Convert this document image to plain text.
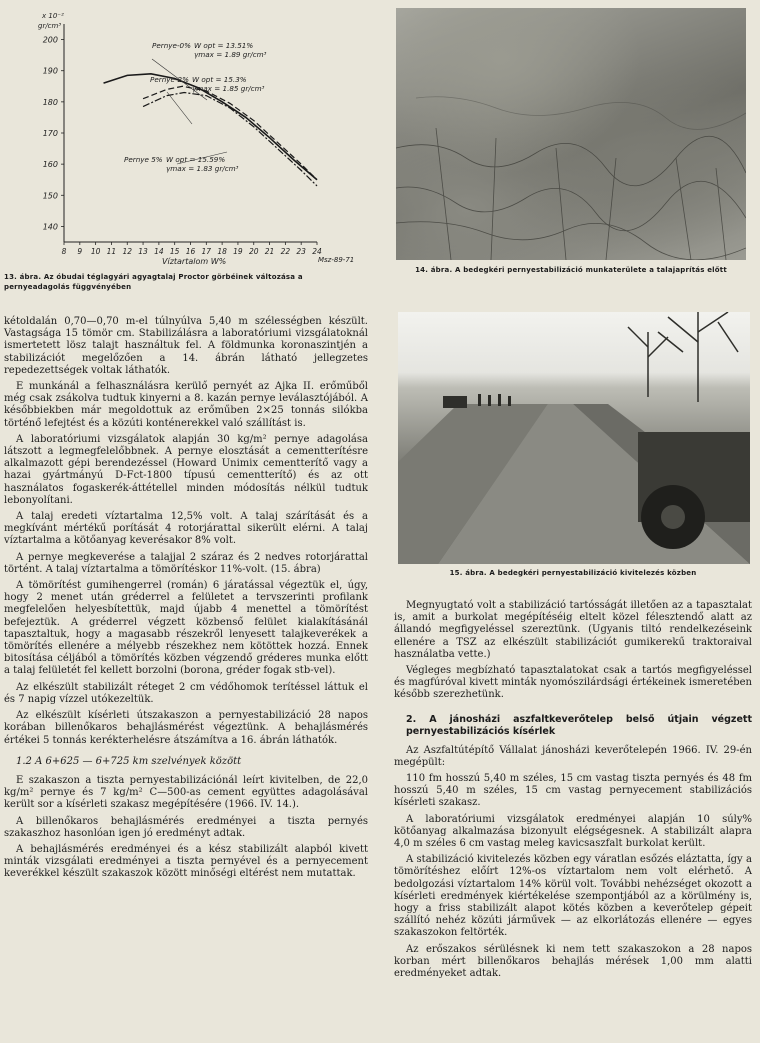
140
150
160
170
180
190
200
8 9 10 11 12 13 14 15 16 17 18 19 20 21 22 23 24
Pernye-0% W opt = 13.51%
γmax = 1.89 gr/cm³
Pernye-2% W opt = 15.3%
γmax = 1.85 gr/cm³
Pernye 5% W opt = 15.59%
γmax = 1.83 gr/cm³
x 10⁻²
gr/cm³
Víztartalom W%	Msz-89-71
13. ábra. Az óbudai téglagyári agyagtalaj Proctor görbéinek változása a pernyeadagolás függvényében
14. ábra. A bedegkéri pernyestabilizáció munkaterülete a talajaprítás előtt
15. ábra. A bedegkéri pernyestabilizáció kivitelezés közben

kétoldalán 0,70—0,70 m-el túlnyúlva 5,40 m szélességben készült. Vastagsága 15 tömör cm. Stabilizálásra a laboratóriumi vizsgálatoknál ismertetett lösz talajt használtuk fel. A földmunka koronaszintjén a stabilizációt megelőzően a 14. ábrán látható jellegzetes repedezettségek voltak láthatók.

E munkánál a felhasználásra kerülő pernyét az Ajka II. erőműből még csak zsákolva tudtuk kinyerni a 8. kazán pernye leválasztójából. A későbbiekben már megoldottuk az erőműben 2×25 tonnás silókba történő lefejtést és a közúti konténerekkel való szállítást is.

A laboratóriumi vizsgálatok alapján 30 kg/m² pernye adagolása látszott a legmegfelelőbbnek. A pernye elosztását a cementterítésre alkalmazott gépi berendezéssel (Howard Unimix cementterítő vagy a hazai gyártmányú D-Fct-1800 típusú cementterítő) és az ott használatos fogaskerék-áttétellel minden módosítás nélkül tudtuk lebonyolítani.

A talaj eredeti víztartalma 12,5% volt. A talaj szárítását és a megkívánt mértékű porítását 4 rotorjárattal sikerült elérni. A talaj víztartalma a kötőanyag keverésakor 8% volt.

A pernye megkeverése a talajjal 2 száraz és 2 nedves rotorjárattal történt. A talaj víztartalma a tömörítéskor 11%-volt. (15. ábra)

A tömörítést gumihengerrel (román) 6 járatással végeztük el, úgy, hogy 2 menet után gréderrel a felületet a tervszerinti profilank megfelelően helyesbítettük, majd újabb 4 menettel a tömörítést befejeztük. A gréderrel végzett közbenső felület kialakításánál tapasztaltuk, hogy a magasabb részekről lenyesett talajkeverékek a tömörítés ellenére a mélyebb részekhez nem kötöttek hozzá. Ennek bitosítása céljából a tömörítés közben végzendő gréderes munka előtt a talaj felületét fel kellett borzolni (borona, gréder fogak stb-vel).

Az elkészült stabilizált réteget 2 cm védőhomok terítéssel láttuk el és 7 napig vízzel utókezeltük.

Az elkészült kísérleti útszakaszon a pernyestabilizáció 28 napos korában billenőkaros behajlásmérést végeztünk. A behajlásmérés értékei 5 tonnás kerékterhelésre átszámítva a 16. ábrán láthatók.

1.2 A 6+625 — 6+725 km szelvények között

E szakaszon a tiszta pernyestabilizációnál leírt kivitelben, de 22,0 kg/m² pernye és 7 kg/m² C—500-as cement együttes adagolásával került sor a kísérleti szakasz megépítésére (1966. IV. 14.).

A billenőkaros behajlásmérés eredményei a tiszta pernyés szakaszhoz hasonlóan igen jó eredményt adtak.

A behajlásmérés eredményei és a kész stabilizált alapból kivett minták vizsgálati eredményei a tiszta pernyével és a pernyecement keverékkel készült szakaszok között minőségi eltérést nem mutattak.

Megnyugtató volt a stabilizáció tartósságát illetően az a tapasztalat is, amit a burkolat megépítéséig eltelt közel félesztendő alatt az állandó megfigyeléssel szereztünk. (Ugyanis tiltó rendelkezéseink ellenére a TSZ az elkészült stabilizációt gumikerekű traktoraival használatba vette.)

Végleges megbízható tapasztalatokat csak a tartós megfigyeléssel és magfúróval kivett minták nyomószilárdsági értékeinek ismeretében később szerezhetünk.

2. A jánosházi aszfaltkeverőtelep belső útjain végzett pernyestabilizációs kísérlek

Az Aszfaltútépítő Vállalat jánosházi keverőtelepén 1966. IV. 29-én megépült:

110 fm hosszú 5,40 m széles, 15 cm vastag tiszta pernyés és 48 fm hosszú 5,40 m széles, 15 cm vastag pernyecement stabilizációs kísérleti szakasz.

A laboratóriumi vizsgálatok eredményei alapján 10 súly% kötőanyag alkalmazása bizonyult elégségesnek. A stabilizált alapra 4,0 m széles 6 cm vastag meleg kavicsaszfalt burkolat került.

A stabilizáció kivitelezés közben egy váratlan esőzés eláztatta, így a tömörítéshez előírt 12%-os víztartalom nem volt elérhető. A bedolgozási víztartalom 14% körül volt. További nehézséget okozott a kísérleti eredmények kiértékelése szempontjából az a körülmény is, hogy a friss stabilizált alapot kötés közben a keverőtelep gépeit szállító nehéz közúti járművek — az elkorlátozás ellenére — egyes szakaszokon feltörték.

Az erőszakos sérülésnek ki nem tett szakaszokon a 28 napos korban mért billenőkaros behajlás mérések 1,00 mm alatti eredményeket adtak.
